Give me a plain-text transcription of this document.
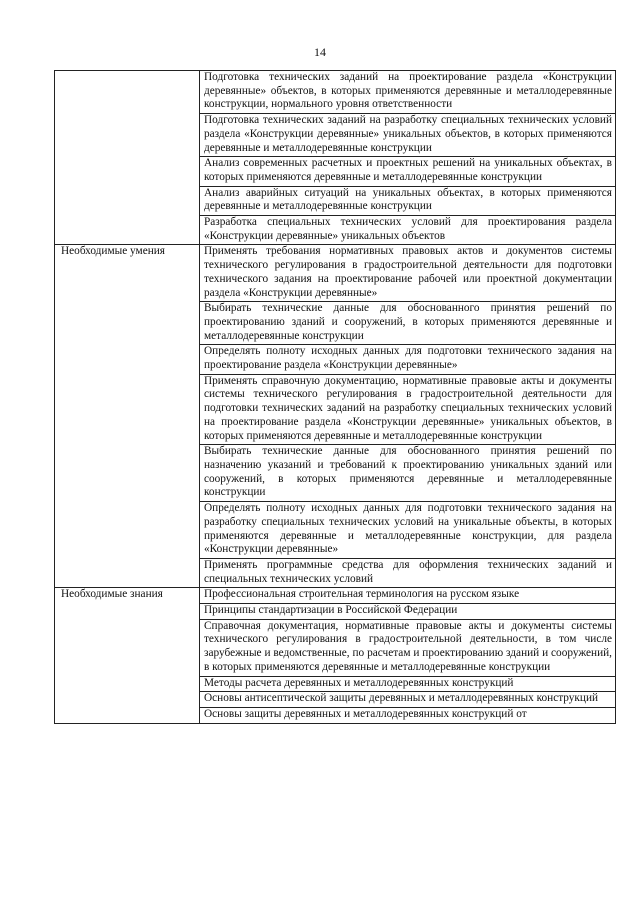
14
	Подготовка технических заданий на проектирование раздела «Конструкции деревянные» объектов, в которых применяются деревянные и металлодеревянные конструкции, нормального уровня ответственности
	Подготовка технических заданий на разработку специальных технических условий раздела «Конструкции деревянные» уникальных объектов, в которых применяются деревянные и металлодеревянные конструкции
	Анализ современных расчетных и проектных решений на уникальных объектах, в которых применяются деревянные и металлодеревянные конструкции
	Анализ аварийных ситуаций на уникальных объектах, в которых применяются деревянные и металлодеревянные конструкции
	Разработка специальных технических условий для проектирования раздела «Конструкции деревянные» уникальных объектов
Необходимые умения	Применять требования нормативных правовых актов и документов системы технического регулирования в градостроительной деятельности для подготовки технического задания на проектирование рабочей или проектной документации раздела «Конструкции деревянные»
	Выбирать технические данные для обоснованного принятия решений по проектированию зданий и сооружений, в которых применяются деревянные и металлодеревянные конструкции
	Определять полноту исходных данных для подготовки технического задания на проектирование раздела «Конструкции деревянные»
	Применять справочную документацию, нормативные правовые акты и документы системы технического регулирования в градостроительной деятельности для подготовки технических заданий на разработку специальных технических условий на проектирование раздела «Конструкции деревянные» уникальных объектов, в которых применяются деревянные и металлодеревянные конструкции
	Выбирать технические данные для обоснованного принятия решений по назначению указаний и требований к проектированию уникальных зданий или сооружений, в которых применяются деревянные и металлодеревянные конструкции
	Определять полноту исходных данных для подготовки технического задания на разработку специальных технических условий на уникальные объекты, в которых применяются деревянные и металлодеревянные конструкции, для раздела «Конструкции деревянные»
	Применять программные средства для оформления технических заданий и специальных технических условий
Необходимые знания	Профессиональная строительная терминология на русском языке
	Принципы стандартизации в Российской Федерации
	Справочная документация, нормативные правовые акты и документы системы технического регулирования в градостроительной деятельности, в том числе зарубежные и ведомственные, по расчетам и проектированию зданий и сооружений, в которых применяются деревянные и металлодеревянные конструкции
	Методы расчета деревянных и металлодеревянных конструкций
	Основы антисептической защиты деревянных и металлодеревянных конструкций
	Основы защиты деревянных и металлодеревянных конструкций от
